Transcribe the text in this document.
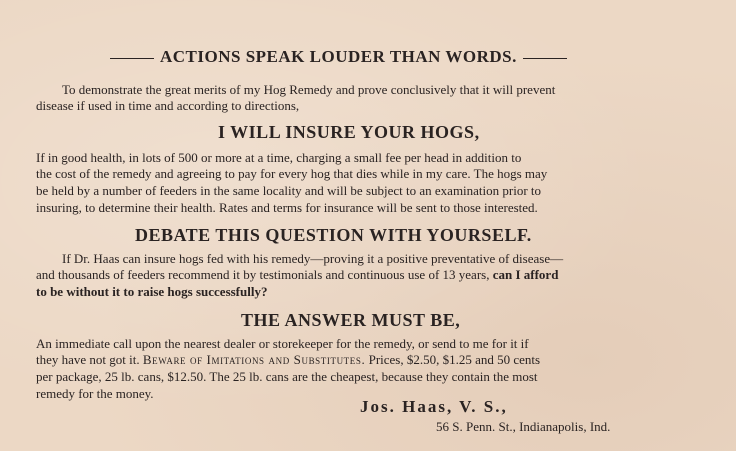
ACTIONS SPEAK LOUDER THAN WORDS.
To demonstrate the great merits of my Hog Remedy and prove conclusively that it will prevent
disease if used in time and according to directions,
I WILL INSURE YOUR HOGS,
If in good health, in lots of 500 or more at a time, charging a small fee per head in addition to
the cost of the remedy and agreeing to pay for every hog that dies while in my care. The hogs may
be held by a number of feeders in the same locality and will be subject to an examination prior to
insuring, to determine their health. Rates and terms for insurance will be sent to those interested.
DEBATE THIS QUESTION WITH YOURSELF.
If Dr. Haas can insure hogs fed with his remedy—proving it a positive preventative of disease—
and thousands of feeders recommend it by testimonials and continuous use of 13 years, can I afford
to be without it to raise hogs successfully?
THE ANSWER MUST BE,
An immediate call upon the nearest dealer or storekeeper for the remedy, or send to me for it if
they have not got it. Beware of Imitations and Substitutes. Prices, $2.50, $1.25 and 50 cents
per package, 25 lb. cans, $12.50. The 25 lb. cans are the cheapest, because they contain the most
remedy for the money.
Jos. Haas, V. S.,
56 S. Penn. St., Indianapolis, Ind.
